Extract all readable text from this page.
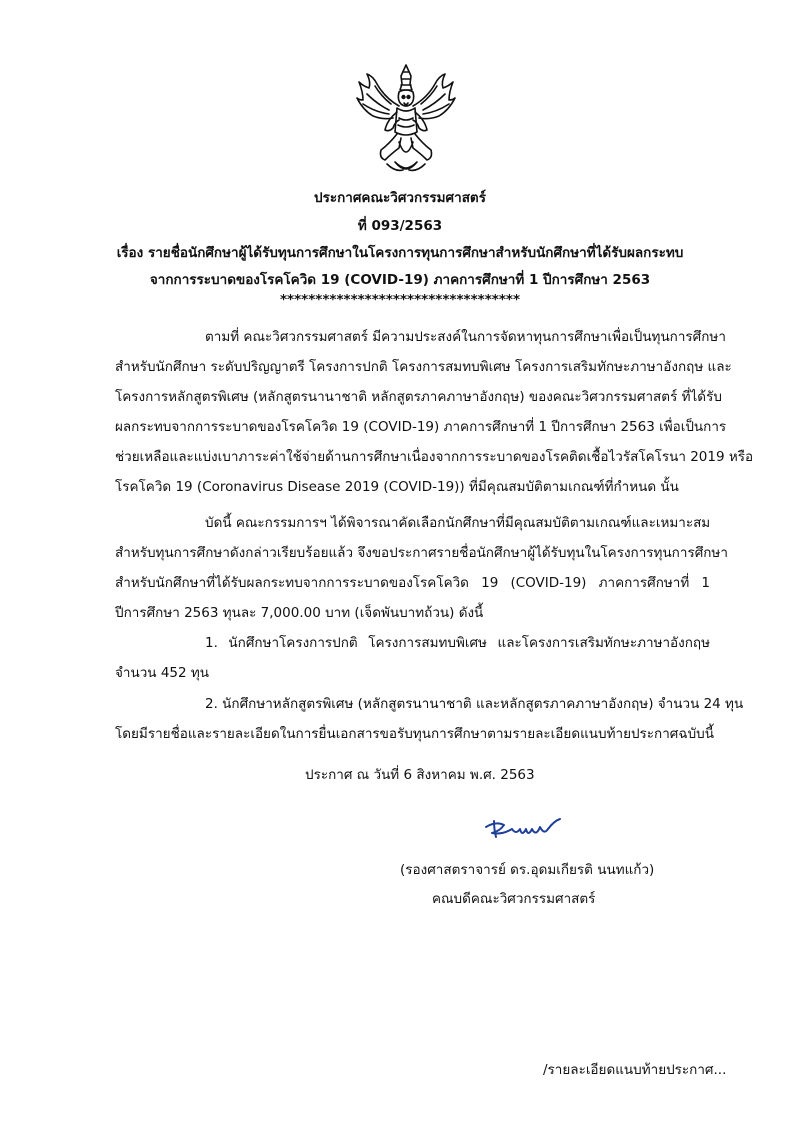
ประกาศคณะวิศวกรรมศาสตร์
ที่ 093/2563
เรื่อง รายชื่อนักศึกษาผู้ได้รับทุนการศึกษาในโครงการทุนการศึกษาสำหรับนักศึกษาที่ได้รับผลกระทบ
จากการระบาดของโรคโควิด 19 (COVID-19) ภาคการศึกษาที่ 1 ปีการศึกษา 2563
**********************************
ตามที่ คณะวิศวกรรมศาสตร์ มีความประสงค์ในการจัดหาทุนการศึกษาเพื่อเป็นทุนการศึกษา
สำหรับนักศึกษา ระดับปริญญาตรี โครงการปกติ โครงการสมทบพิเศษ โครงการเสริมทักษะภาษาอังกฤษ และ
โครงการหลักสูตรพิเศษ (หลักสูตรนานาชาติ หลักสูตรภาคภาษาอังกฤษ) ของคณะวิศวกรรมศาสตร์ ที่ได้รับ
ผลกระทบจากการระบาดของโรคโควิด 19 (COVID-19) ภาคการศึกษาที่ 1 ปีการศึกษา 2563 เพื่อเป็นการ
ช่วยเหลือและแบ่งเบาภาระค่าใช้จ่ายด้านการศึกษาเนื่องจากการระบาดของโรคติดเชื้อไวรัสโคโรนา 2019 หรือ
โรคโควิด 19 (Coronavirus Disease 2019 (COVID-19)) ที่มีคุณสมบัติตามเกณฑ์ที่กำหนด นั้น
บัดนี้ คณะกรรมการฯ ได้พิจารณาคัดเลือกนักศึกษาที่มีคุณสมบัติตามเกณฑ์และเหมาะสม
สำหรับทุนการศึกษาดังกล่าวเรียบร้อยแล้ว จึงขอประกาศรายชื่อนักศึกษาผู้ได้รับทุนในโครงการทุนการศึกษา
สำหรับนักศึกษาที่ได้รับผลกระทบจากการระบาดของโรคโควิด 19 (COVID-19) ภาคการศึกษาที่ 1
ปีการศึกษา 2563 ทุนละ 7,000.00 บาท (เจ็ดพันบาทถ้วน) ดังนี้
1. นักศึกษาโครงการปกติ โครงการสมทบพิเศษ และโครงการเสริมทักษะภาษาอังกฤษ
จำนวน 452 ทุน
2. นักศึกษาหลักสูตรพิเศษ (หลักสูตรนานาชาติ และหลักสูตรภาคภาษาอังกฤษ) จำนวน 24 ทุน
โดยมีรายชื่อและรายละเอียดในการยื่นเอกสารขอรับทุนการศึกษาตามรายละเอียดแนบท้ายประกาศฉบับนี้
ประกาศ ณ วันที่ 6 สิงหาคม พ.ศ. 2563
(รองศาสตราจารย์ ดร.อุดมเกียรติ นนทแก้ว)
คณบดีคณะวิศวกรรมศาสตร์
/รายละเอียดแนบท้ายประกาศ...
